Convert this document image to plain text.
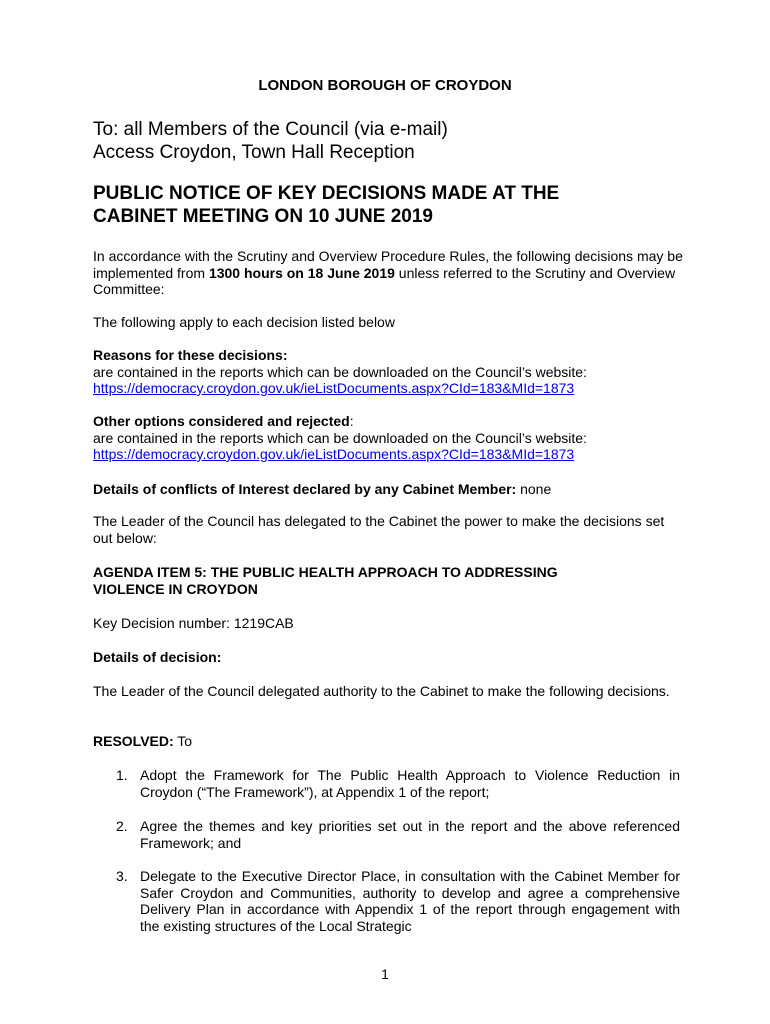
LONDON BOROUGH OF CROYDON
To: all Members of the Council (via e-mail)
Access Croydon, Town Hall Reception
PUBLIC NOTICE OF KEY DECISIONS MADE AT THE
CABINET MEETING ON 10 JUNE 2019
In accordance with the Scrutiny and Overview Procedure Rules, the following decisions may be implemented from 1300 hours on 18 June 2019 unless referred to the Scrutiny and Overview Committee:
The following apply to each decision listed below
Reasons for these decisions:
are contained in the reports which can be downloaded on the Council’s website:
https://democracy.croydon.gov.uk/ieListDocuments.aspx?CId=183&MId=1873
Other options considered and rejected:
are contained in the reports which can be downloaded on the Council’s website:
https://democracy.croydon.gov.uk/ieListDocuments.aspx?CId=183&MId=1873
Details of conflicts of Interest declared by any Cabinet Member: none
The Leader of the Council has delegated to the Cabinet the power to make the decisions set out below:
AGENDA ITEM 5: THE PUBLIC HEALTH APPROACH TO ADDRESSING
VIOLENCE IN CROYDON
Key Decision number: 1219CAB
Details of decision:
The Leader of the Council delegated authority to the Cabinet to make the following decisions.
RESOLVED: To
1. Adopt the Framework for The Public Health Approach to Violence Reduction in Croydon (“The Framework”), at Appendix 1 of the report;
2. Agree the themes and key priorities set out in the report and the above referenced Framework; and
3. Delegate to the Executive Director Place, in consultation with the Cabinet Member for Safer Croydon and Communities, authority to develop and agree a comprehensive Delivery Plan in accordance with Appendix 1 of the report through engagement with the existing structures of the Local Strategic
1
